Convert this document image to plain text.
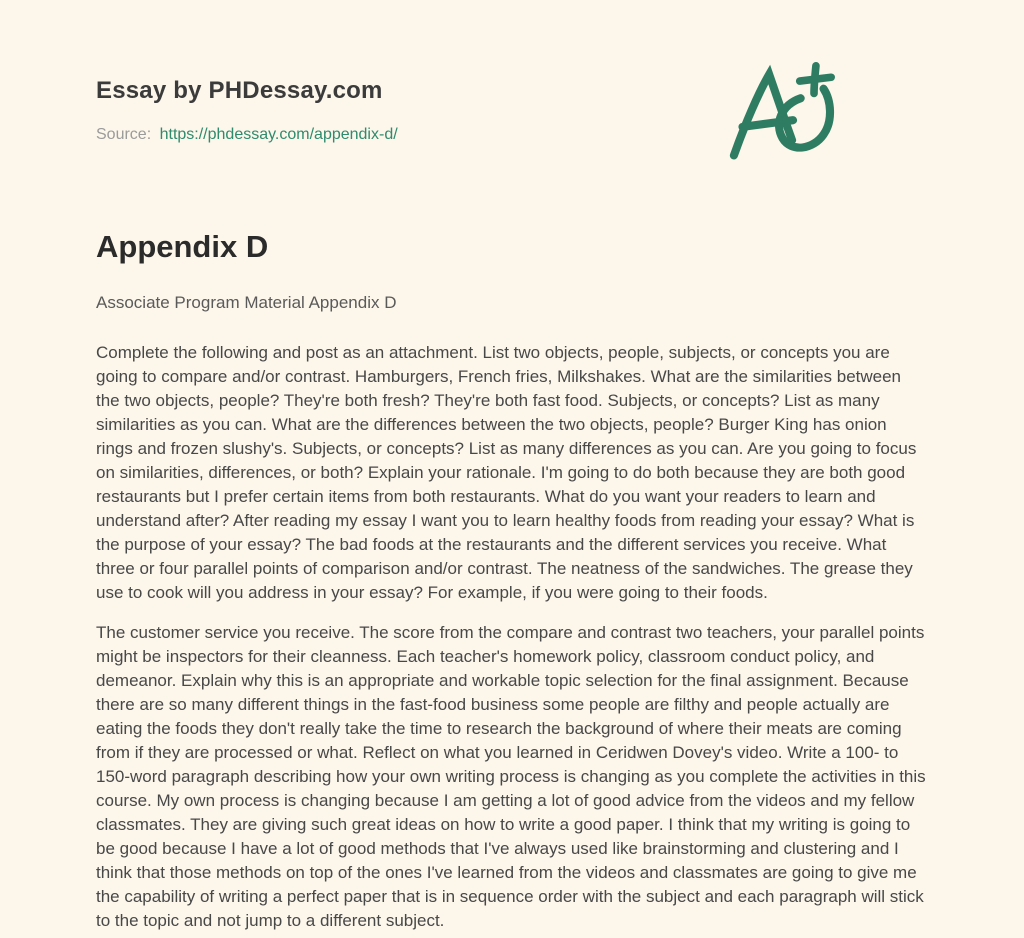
Essay by PHDessay.com

Source: https://phdessay.com/appendix-d/

Appendix D

Associate Program Material Appendix D

Complete the following and post as an attachment. List two objects, people, subjects, or concepts you are going to compare and/or contrast. Hamburgers, French fries, Milkshakes. What are the similarities between the two objects, people? They're both fresh? They're both fast food. Subjects, or concepts? List as many similarities as you can. What are the differences between the two objects, people? Burger King has onion rings and frozen slushy's. Subjects, or concepts? List as many differences as you can. Are you going to focus on similarities, differences, or both? Explain your rationale. I'm going to do both because they are both good restaurants but I prefer certain items from both restaurants. What do you want your readers to learn and understand after? After reading my essay I want you to learn healthy foods from reading your essay? What is the purpose of your essay? The bad foods at the restaurants and the different services you receive. What three or four parallel points of comparison and/or contrast. The neatness of the sandwiches. The grease they use to cook will you address in your essay? For example, if you were going to their foods.

The customer service you receive. The score from the compare and contrast two teachers, your parallel points might be inspectors for their cleanness. Each teacher's homework policy, classroom conduct policy, and demeanor. Explain why this is an appropriate and workable topic selection for the final assignment. Because there are so many different things in the fast-food business some people are filthy and people actually are eating the foods they don't really take the time to research the background of where their meats are coming from if they are processed or what. Reflect on what you learned in Ceridwen Dovey's video. Write a 100- to 150-word paragraph describing how your own writing process is changing as you complete the activities in this course. My own process is changing because I am getting a lot of good advice from the videos and my fellow classmates. They are giving such great ideas on how to write a good paper. I think that my writing is going to be good because I have a lot of good methods that I've always used like brainstorming and clustering and I think that those methods on top of the ones I've learned from the videos and classmates are going to give me the capability of writing a perfect paper that is in sequence order with the subject and each paragraph will stick to the topic and not jump to a different subject.
